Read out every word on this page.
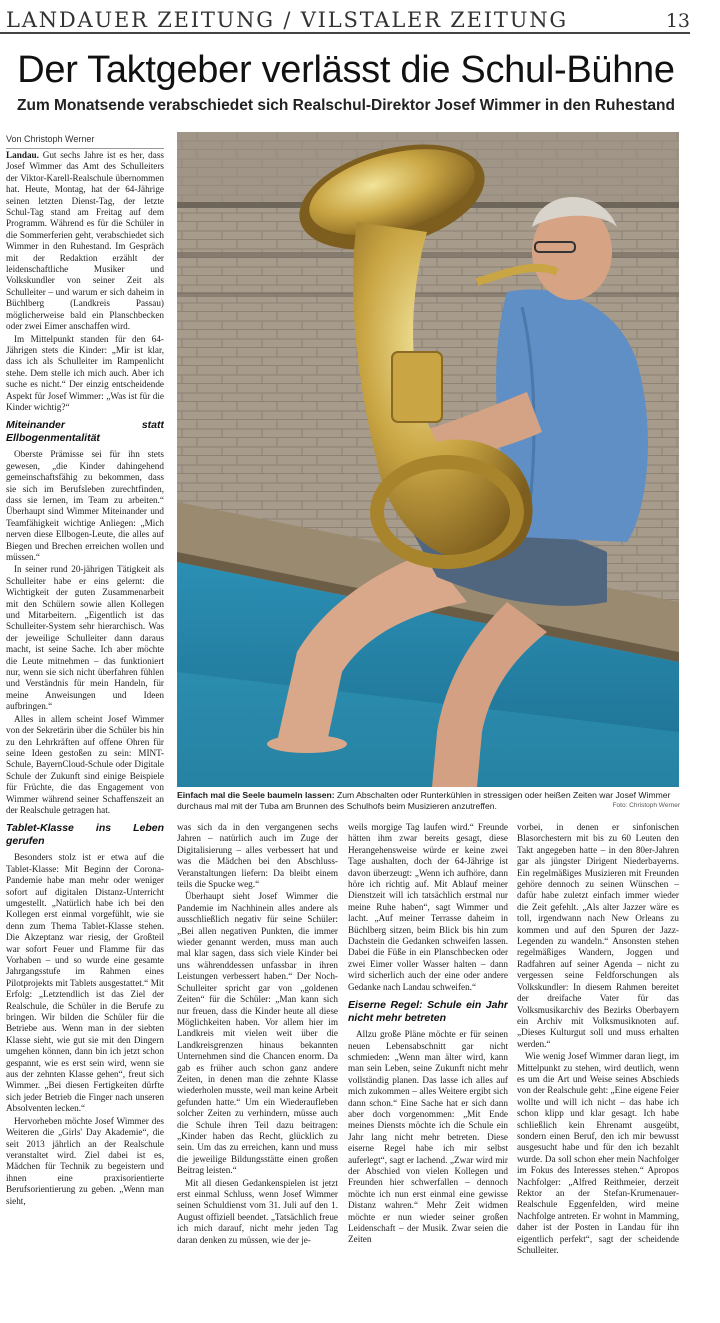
LANDAUER ZEITUNG / VILSTALER ZEITUNG	13
Der Taktgeber verlässt die Schul-Bühne
Zum Monatsende verabschiedet sich Realschul-Direktor Josef Wimmer in den Ruhestand
Von Christoph Werner

Landau. Gut sechs Jahre ist es her, dass Josef Wimmer das Amt des Schulleiters der Viktor-Karell-Realschule übernommen hat. Heute, Montag, hat der 64-Jährige seinen letzten Dienst-Tag, der letzte Schul-Tag stand am Freitag auf dem Programm. Während es für die Schüler in die Sommerferien geht, verabschiedet sich Wimmer in den Ruhestand. Im Gespräch mit der Redaktion erzählt der leidenschaftliche Musiker und Volkskundler von seiner Zeit als Schulleiter – und warum er sich daheim in Büchlberg (Landkreis Passau) möglicherweise bald ein Planschbecken oder zwei Eimer anschaffen wird.

Im Mittelpunkt standen für den 64-Jährigen stets die Kinder: „Mir ist klar, dass ich als Schulleiter im Rampenlicht stehe. Dem stelle ich mich auch. Aber ich suche es nicht.“ Der einzig entscheidende Aspekt für Josef Wimmer: „Was ist für die Kinder wichtig?“

Miteinander statt Ellbogenmentalität

Oberste Prämisse sei für ihn stets gewesen, „die Kinder dahingehend gemeinschaftsfähig zu bekommen, dass sie sich im Berufsleben zurechtfinden, dass sie lernen, im Team zu arbeiten.“ Überhaupt sind Wimmer Miteinander und Teamfähigkeit wichtige Anliegen: „Mich nerven diese Ellbogen-Leute, die alles auf Biegen und Brechen erreichen wollen und müssen.“

In seiner rund 20-jährigen Tätigkeit als Schulleiter habe er eins gelernt: die Wichtigkeit der guten Zusammenarbeit mit den Schülern sowie allen Kollegen und Mitarbeitern. „Eigentlich ist das Schulleiter-System sehr hierarchisch. Was der jeweilige Schulleiter dann daraus macht, ist seine Sache. Ich aber möchte die Leute mitnehmen – das funktioniert nur, wenn sie sich nicht überfahren fühlen und Verständnis für mein Handeln, für meine Anweisungen und Ideen aufbringen.“

Alles in allem scheint Josef Wimmer von der Sekretärin über die Schüler bis hin zu den Lehrkräften auf offene Ohren für seine Ideen gestoßen zu sein: MINT-Schule, BayernCloud-Schule oder Digitale Schule der Zukunft sind einige Beispiele für Früchte, die das Engagement von Wimmer während seiner Schaffenszeit an der Realschule getragen hat.

Tablet-Klasse ins Leben gerufen

Besonders stolz ist er etwa auf die Tablet-Klasse: Mit Beginn der Corona-Pandemie habe man mehr oder weniger sofort auf digitalen Distanz-Unterricht umgestellt. „Natürlich habe ich bei den Kollegen erst einmal vorgefühlt, wie sie denn zum Thema Tablet-Klasse stehen. Die Akzeptanz war riesig, der Großteil war sofort Feuer und Flamme für das Vorhaben – und so wurde eine gesamte Jahrgangsstufe im Rahmen eines Pilotprojekts mit Tablets ausgestattet.“ Mit Erfolg: „Letztendlich ist das Ziel der Realschule, die Schüler in die Berufe zu bringen. Wir bilden die Schüler für die Betriebe aus. Wenn man in der siebten Klasse sieht, wie gut sie mit den Dingern umgehen können, dann bin ich jetzt schon gespannt, wie es erst sein wird, wenn sie aus der zehnten Klasse gehen“, freut sich Wimmer. „Bei diesen Fertigkeiten dürfte sich jeder Betrieb die Finger nach unseren Absolventen lecken.“

Hervorheben möchte Josef Wimmer des Weiteren die „Girls' Day Akademie“, die seit 2013 jährlich an der Realschule veranstaltet wird. Ziel dabei ist es, Mädchen für Technik zu begeistern und ihnen eine praxisorientierte Berufsorientierung zu geben. „Wenn man sieht,

Einfach mal die Seele baumeln lassen: Zum Abschalten oder Runterkühlen in stressigen oder heißen Zeiten war Josef Wimmer durchaus mal mit der Tuba am Brunnen des Schulhofs beim Musizieren anzutreffen.	Foto: Christoph Werner

was sich da in den vergangenen sechs Jahren – natürlich auch im Zuge der Digitalisierung – alles verbessert hat und was die Mädchen bei den Abschluss-Veranstaltungen liefern: Da bleibt einem teils die Spucke weg.“

Überhaupt sieht Josef Wimmer die Pandemie im Nachhinein alles andere als ausschließlich negativ für seine Schüler: „Bei allen negativen Punkten, die immer wieder genannt werden, muss man auch mal klar sagen, dass sich viele Kinder bei uns währenddessen unfassbar in ihren Leistungen verbessert haben.“ Der Noch-Schulleiter spricht gar von „goldenen Zeiten“ für die Schüler: „Man kann sich nur freuen, dass die Kinder heute all diese Möglichkeiten haben. Vor allem hier im Landkreis mit vielen weit über die Landkreisgrenzen hinaus bekannten Unternehmen sind die Chancen enorm. Da gab es früher auch schon ganz andere Zeiten, in denen man die zehnte Klasse wiederholen musste, weil man keine Arbeit gefunden hatte.“ Um ein Wiederaufleben solcher Zeiten zu verhindern, müsse auch die Schule ihren Teil dazu beitragen: „Kinder haben das Recht, glücklich zu sein. Um das zu erreichen, kann und muss die jeweilige Bildungsstätte einen großen Beitrag leisten.“

Mit all diesen Gedankenspielen ist jetzt erst einmal Schluss, wenn Josef Wimmer seinen Schuldienst vom 31. Juli auf den 1. August offiziell beendet. „Tatsächlich freue ich mich darauf, nicht mehr jeden Tag daran denken zu müssen, wie der je-

weils morgige Tag laufen wird.“ Freunde hätten ihm zwar bereits gesagt, diese Herangehensweise würde er keine zwei Tage aushalten, doch der 64-Jährige ist davon überzeugt: „Wenn ich aufhöre, dann höre ich richtig auf. Mit Ablauf meiner Dienstzeit will ich tatsächlich erstmal nur meine Ruhe haben“, sagt Wimmer und lacht. „Auf meiner Terrasse daheim in Büchlberg sitzen, beim Blick bis hin zum Dachstein die Gedanken schweifen lassen. Dabei die Füße in ein Planschbecken oder zwei Eimer voller Wasser halten – dann wird sicherlich auch der eine oder andere Gedanke nach Landau schweifen.“

Eiserne Regel: Schule ein Jahr nicht mehr betreten

Allzu große Pläne möchte er für seinen neuen Lebensabschnitt gar nicht schmieden: „Wenn man älter wird, kann man sein Leben, seine Zukunft nicht mehr vollständig planen. Das lasse ich alles auf mich zukommen – alles Weitere ergibt sich dann schon.“ Eine Sache hat er sich dann aber doch vorgenommen: „Mit Ende meines Diensts möchte ich die Schule ein Jahr lang nicht mehr betreten. Diese eiserne Regel habe ich mir selbst auferlegt“, sagt er lachend. „Zwar wird mir der Abschied von vielen Kollegen und Freunden hier schwerfallen – dennoch möchte ich nun erst einmal eine gewisse Distanz wahren.“ Mehr Zeit widmen möchte er nun wieder seiner großen Leidenschaft – der Musik. Zwar seien die Zeiten

vorbei, in denen er sinfonischen Blasorchestern mit bis zu 60 Leuten den Takt angegeben hatte – in den 80er-Jahren gar als jüngster Dirigent Niederbayerns. Ein regelmäßiges Musizieren mit Freunden gehöre dennoch zu seinen Wünschen – dafür habe zuletzt einfach immer wieder die Zeit gefehlt. „Als alter Jazzer wäre es toll, irgendwann nach New Orleans zu kommen und auf den Spuren der Jazz-Legenden zu wandeln.“ Ansonsten stehen regelmäßiges Wandern, Joggen und Radfahren auf seiner Agenda – nicht zu vergessen seine Feldforschungen als Volkskundler: In diesem Rahmen bereitet der dreifache Vater für das Volksmusikarchiv des Bezirks Oberbayern ein Archiv mit Volksmusiknoten auf. „Dieses Kulturgut soll und muss erhalten werden.“

Wie wenig Josef Wimmer daran liegt, im Mittelpunkt zu stehen, wird deutlich, wenn es um die Art und Weise seines Abschieds von der Realschule geht: „Eine eigene Feier wollte und will ich nicht – das habe ich schon klipp und klar gesagt. Ich habe schließlich kein Ehrenamt ausgeübt, sondern einen Beruf, den ich mir bewusst ausgesucht habe und für den ich bezahlt wurde. Da soll schon eher mein Nachfolger im Fokus des Interesses stehen.“ Apropos Nachfolger: „Alfred Reithmeier, derzeit Rektor an der Stefan-Krumenauer-Realschule Eggenfelden, wird meine Nachfolge antreten. Er wohnt in Mamming, daher ist der Posten in Landau für ihn eigentlich perfekt“, sagt der scheidende Schulleiter.
